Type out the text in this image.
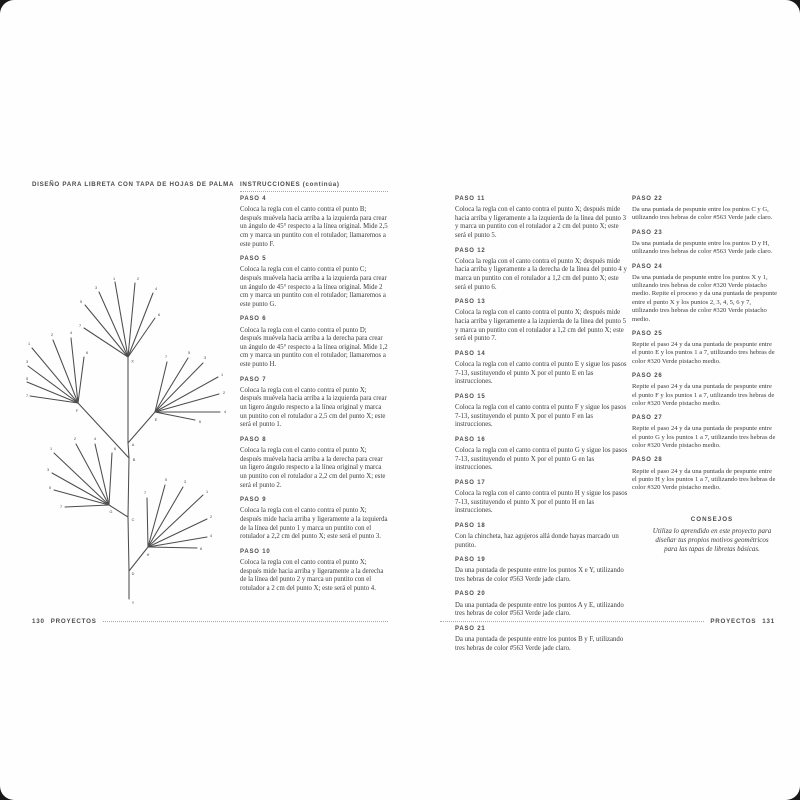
DISEÑO PARA LIBRETA CON TAPA DE HOJAS DE PALMA INSTRUCCIONES (continúa)
1	2
3	4
5
6
7
1
2
3
4
5
6
7
1
2
3
4
5
6
7
1
2
3
4
5
6
7
1
2
3
4
5
6
7
X
A
B
C
D
Y
E
F
G
H
PASO 4
Coloca la regla con el canto contra el punto B; después muévela hacia arriba a la izquierda para crear un ángulo de 45° respecto a la línea original. Mide 2,5 cm y marca un puntito con el rotulador; llamaremos a este punto F.
PASO 5
Coloca la regla con el canto contra el punto C; después muévela hacia arriba a la izquierda para crear un ángulo de 45° respecto a la línea original. Mide 2 cm y marca un puntito con el rotulador; llamaremos a este punto G.
PASO 6
Coloca la regla con el canto contra el punto D; después muévela hacia arriba a la derecha para crear un ángulo de 45° respecto a la línea original. Mide 1,2 cm y marca un puntito con el rotulador; llamaremos a este punto H.
PASO 7
Coloca la regla con el canto contra el punto X; después muévela hacia arriba a la izquierda para crear un ligero ángulo respecto a la línea original y marca un puntito con el rotulador a 2,5 cm del punto X; este será el punto 1.
PASO 8
Coloca la regla con el canto contra el punto X; después muévela hacia arriba a la derecha para crear un ligero ángulo respecto a la línea original y marca un puntito con el rotulador a 2,2 cm del punto X; este será el punto 2.
PASO 9
Coloca la regla con el canto contra el punto X; después mide hacia arriba y ligeramente a la izquierda de la línea del punto 1 y marca un puntito con el rotulador a 2,2 cm del punto X; este será el punto 3.
PASO 10
Coloca la regla con el canto contra el punto X; después mide hacia arriba y ligeramente a la derecha de la línea del punto 2 y marca un puntito con el rotulador a 2 cm del punto X; este será el punto 4.
PASO 11
Coloca la regla con el canto contra el punto X; después mide hacia arriba y ligeramente a la izquierda de la línea del punto 3 y marca un puntito con el rotulador a 2 cm del punto X; este será el punto 5.
PASO 12
Coloca la regla con el canto contra el punto X; después mide hacia arriba y ligeramente a la derecha de la línea del punto 4 y marca un puntito con el rotulador a 1,2 cm del punto X; este será el punto 6.
PASO 13
Coloca la regla con el canto contra el punto X; después mide hacia arriba y ligeramente a la izquierda de la línea del punto 5 y marca un puntito con el rotulador a 1,2 cm del punto X; este será el punto 7.
PASO 14
Coloca la regla con el canto contra el punto E y sigue los pasos 7-13, sustituyendo el punto X por el punto E en las instrucciones.
PASO 15
Coloca la regla con el canto contra el punto F y sigue los pasos 7-13, sustituyendo el punto X por el punto F en las instrucciones.
PASO 16
Coloca la regla con el canto contra el punto G y sigue los pasos 7-13, sustituyendo el punto X por el punto G en las instrucciones.
PASO 17
Coloca la regla con el canto contra el punto H y sigue los pasos 7-13, sustituyendo el punto X por el punto H en las instrucciones.
PASO 18
Con la chincheta, haz agujeros allá donde hayas marcado un puntito.
PASO 19
Da una puntada de pespunte entre los puntos X e Y, utilizando tres hebras de color #563 Verde jade claro.
PASO 20
Da una puntada de pespunte entre los puntos A y E, utilizando tres hebras de color #563 Verde jade claro.
PASO 21
Da una puntada de pespunte entre los puntos B y F, utilizando tres hebras de color #563 Verde jade claro.
PASO 22
Da una puntada de pespunte entre los puntos C y G, utilizando tres hebras de color #563 Verde jade claro.
PASO 23
Da una puntada de pespunte entre los puntos D y H, utilizando tres hebras de color #563 Verde jade claro.
PASO 24
Da una puntada de pespunte entre los puntos X y 1, utilizando tres hebras de color #320 Verde pistacho medio. Repite el proceso y da una puntada de pespunte entre el punto X y los puntos 2, 3, 4, 5, 6 y 7, utilizando tres hebras de color #320 Verde pistacho medio.
PASO 25
Repite el paso 24 y da una puntada de pespunte entre el punto E y los puntos 1 a 7, utilizando tres hebras de color #320 Verde pistacho medio.
PASO 26
Repite el paso 24 y da una puntada de pespunte entre el punto F y los puntos 1 a 7, utilizando tres hebras de color #320 Verde pistacho medio.
PASO 27
Repite el paso 24 y da una puntada de pespunte entre el punto G y los puntos 1 a 7, utilizando tres hebras de color #320 Verde pistacho medio.
PASO 28
Repite el paso 24 y da una puntada de pespunte entre el punto H y los puntos 1 a 7, utilizando tres hebras de color #320 Verde pistacho medio.
CONSEJOS
Utiliza lo aprendido en este proyecto para diseñar tus propios motivos geométricos para las tapas de libretas básicas.
130 PROYECTOS	PROYECTOS 131
